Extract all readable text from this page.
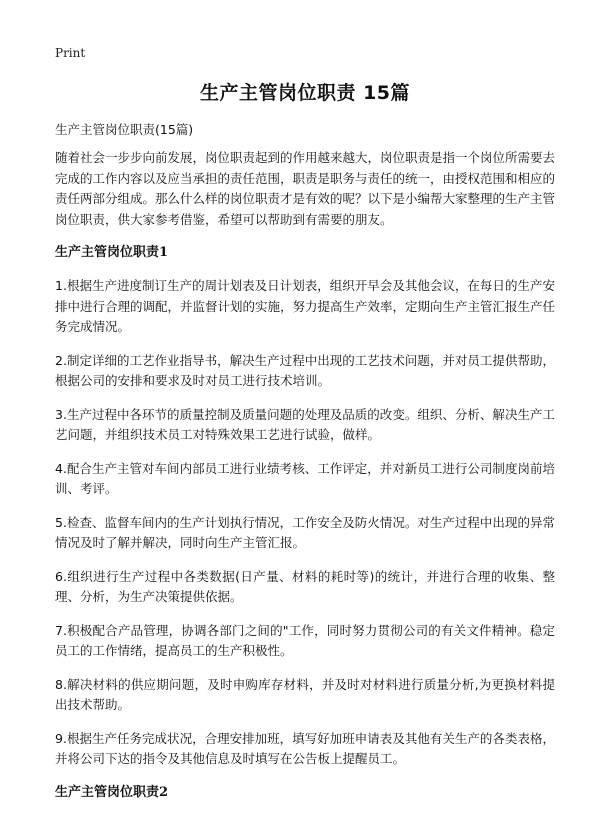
Print
生产主管岗位职责 15篇
生产主管岗位职责(15篇)

随着社会一步步向前发展，岗位职责起到的作用越来越大，岗位职责是指一个岗位所需要去完成的工作内容以及应当承担的责任范围，职责是职务与责任的统一，由授权范围和相应的责任两部分组成。那么什么样的岗位职责才是有效的呢？以下是小编帮大家整理的生产主管岗位职责，供大家参考借鉴，希望可以帮助到有需要的朋友。

生产主管岗位职责1

1.根据生产进度制订生产的周计划表及日计划表，组织开早会及其他会议，在每日的生产安排中进行合理的调配，并监督计划的实施，努力提高生产效率，定期向生产主管汇报生产任务完成情况。

2.制定详细的工艺作业指导书，解决生产过程中出现的工艺技术问题，并对员工提供帮助，根据公司的安排和要求及时对员工进行技术培训。

3.生产过程中各环节的质量控制及质量问题的处理及品质的改变。组织、分析、解决生产工艺问题，并组织技术员工对特殊效果工艺进行试验，做样。

4.配合生产主管对车间内部员工进行业绩考核、工作评定，并对新员工进行公司制度岗前培训、考评。

5.检查、监督车间内的生产计划执行情况，工作安全及防火情况。对生产过程中出现的异常情况及时了解并解决，同时向生产主管汇报。

6.组织进行生产过程中各类数据(日产量、材料的耗时等)的统计，并进行合理的收集、整理、分析，为生产决策提供依据。

7.积极配合产品管理，协调各部门之间的"工作，同时努力贯彻公司的有关文件精神。稳定员工的工作情绪，提高员工的生产积极性。

8.解决材料的供应期问题，及时申购库存材料，并及时对材料进行质量分析,为更换材料提出技术帮助。

9.根据生产任务完成状况，合理安排加班，填写好加班申请表及其他有关生产的各类表格，并将公司下达的指令及其他信息及时填写在公告板上提醒员工。

生产主管岗位职责2
